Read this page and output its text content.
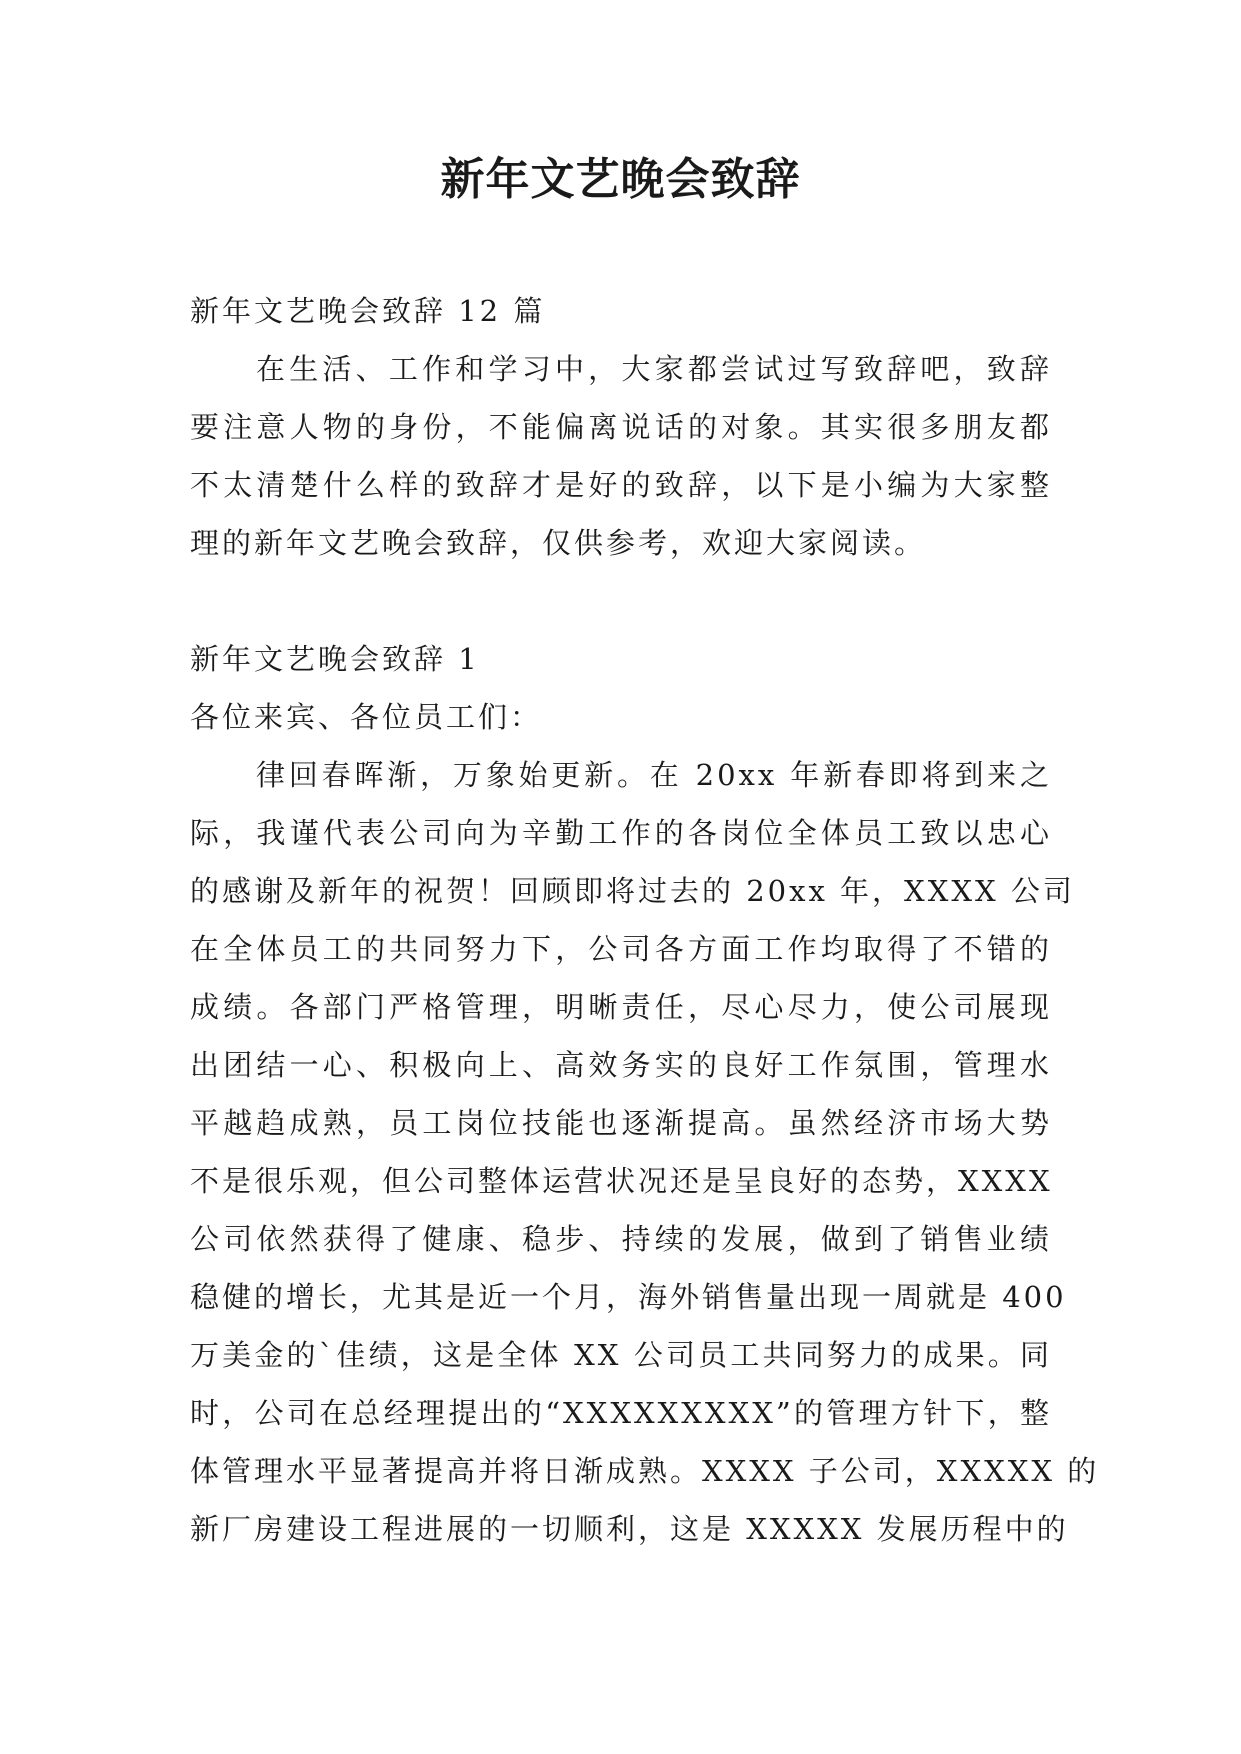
新年文艺晚会致辞
新年文艺晚会致辞 12 篇
在生活、工作和学习中，大家都尝试过写致辞吧，致辞
要注意人物的身份，不能偏离说话的对象。其实很多朋友都
不太清楚什么样的致辞才是好的致辞，以下是小编为大家整
理的新年文艺晚会致辞，仅供参考，欢迎大家阅读。
新年文艺晚会致辞 1
各位来宾、各位员工们：
律回春晖渐，万象始更新。在 20xx 年新春即将到来之
际，我谨代表公司向为辛勤工作的各岗位全体员工致以忠心
的感谢及新年的祝贺！回顾即将过去的 20xx 年，XXXX 公司
在全体员工的共同努力下，公司各方面工作均取得了不错的
成绩。各部门严格管理，明晰责任，尽心尽力，使公司展现
出团结一心、积极向上、高效务实的良好工作氛围，管理水
平越趋成熟，员工岗位技能也逐渐提高。虽然经济市场大势
不是很乐观，但公司整体运营状况还是呈良好的态势，XXXX
公司依然获得了健康、稳步、持续的发展，做到了销售业绩
稳健的增长，尤其是近一个月，海外销售量出现一周就是 400
万美金的`佳绩，这是全体 XX 公司员工共同努力的成果。同
时，公司在总经理提出的“XXXXXXXXX”的管理方针下，整
体管理水平显著提高并将日渐成熟。XXXX 子公司，XXXXX 的
新厂房建设工程进展的一切顺利，这是 XXXXX 发展历程中的
